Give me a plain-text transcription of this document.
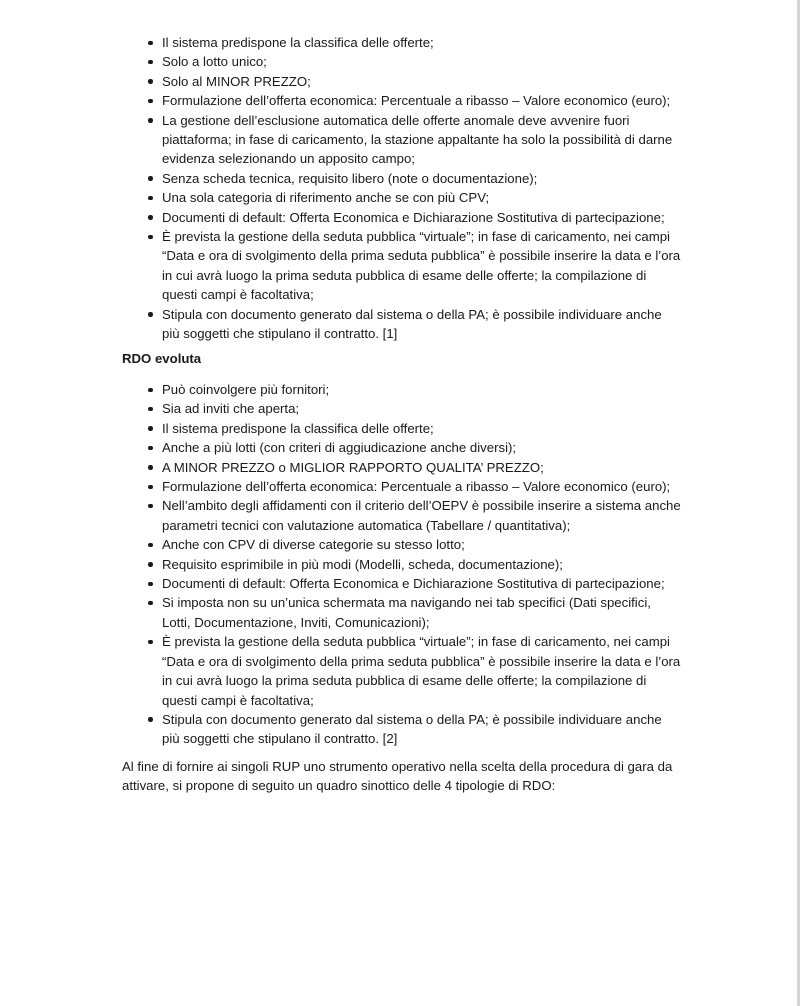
Il sistema predispone la classifica delle offerte;
Solo a lotto unico;
Solo al MINOR PREZZO;
Formulazione dell’offerta economica: Percentuale a ribasso – Valore economico (euro);
La gestione dell’esclusione automatica delle offerte anomale deve avvenire fuori piattaforma; in fase di caricamento, la stazione appaltante ha solo la possibilità di darne evidenza selezionando un apposito campo;
Senza scheda tecnica, requisito libero (note o documentazione);
Una sola categoria di riferimento anche se con più CPV;
Documenti di default: Offerta Economica e Dichiarazione Sostitutiva di partecipazione;
È prevista la gestione della seduta pubblica “virtuale”; in fase di caricamento, nei campi “Data e ora di svolgimento della prima seduta pubblica” è possibile inserire la data e l’ora in cui avrà luogo la prima seduta pubblica di esame delle offerte; la compilazione di questi campi è facoltativa;
Stipula con documento generato dal sistema o della PA; è possibile individuare anche più soggetti che stipulano il contratto. [1]

RDO evoluta

Può coinvolgere più fornitori;
Sia ad inviti che aperta;
Il sistema predispone la classifica delle offerte;
Anche a più lotti (con criteri di aggiudicazione anche diversi);
A MINOR PREZZO o MIGLIOR RAPPORTO QUALITA’ PREZZO;
Formulazione dell’offerta economica: Percentuale a ribasso – Valore economico (euro);
Nell’ambito degli affidamenti con il criterio dell’OEPV è possibile inserire a sistema anche parametri tecnici con valutazione automatica (Tabellare / quantitativa);
Anche con CPV di diverse categorie su stesso lotto;
Requisito esprimibile in più modi (Modelli, scheda, documentazione);
Documenti di default: Offerta Economica e Dichiarazione Sostitutiva di partecipazione;
Si imposta non su un’unica schermata ma navigando nei tab specifici (Dati specifici, Lotti, Documentazione, Inviti, Comunicazioni);
È prevista la gestione della seduta pubblica “virtuale”; in fase di caricamento, nei campi “Data e ora di svolgimento della prima seduta pubblica” è possibile inserire la data e l’ora in cui avrà luogo la prima seduta pubblica di esame delle offerte; la compilazione di questi campi è facoltativa;
Stipula con documento generato dal sistema o della PA; è possibile individuare anche più soggetti che stipulano il contratto. [2]

Al fine di fornire ai singoli RUP uno strumento operativo nella scelta della procedura di gara da attivare, si propone di seguito un quadro sinottico delle 4 tipologie di RDO:
